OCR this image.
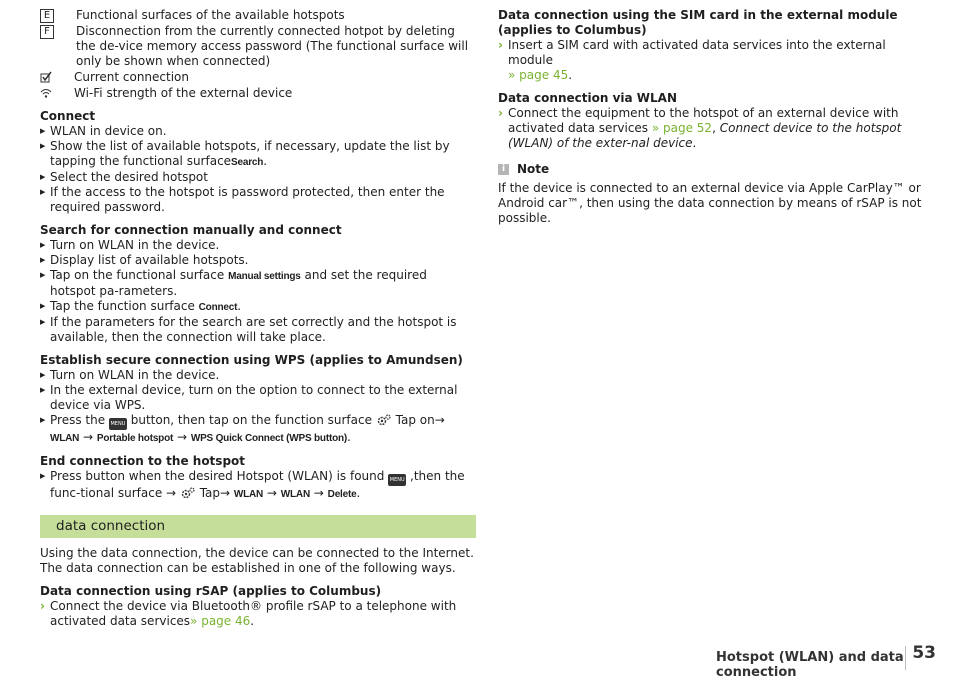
E	Functional surfaces of the available hotspots
F	Disconnection from the currently connected hotpot by deleting the de-vice memory access password (The functional surface will only be shown when connected)
Current connection
Wi-Fi strength of the external device
Connect
▶ WLAN in device on.
▶ Show the list of available hotspots, if necessary, update the list by tapping the functional surfaceSearch.
▶ Select the desired hotspot
▶ If the access to the hotspot is password protected, then enter the required password.
Search for connection manually and connect
▶ Turn on WLAN in the device.
▶ Display list of available hotspots.
▶ Tap on the functional surface Manual settings and set the required hotspot pa-rameters.
▶ Tap the function surface Connect.
▶ If the parameters for the search are set correctly and the hotspot is available, then the connection will take place.
Establish secure connection using WPS (applies to Amundsen)
▶ Turn on WLAN in the device.
▶ In the external device, turn on the option to connect to the external device via WPS.
▶ Press the MENU button, then tap on the function surface  Tap on→ WLAN → Portable hotspot → WPS Quick Connect (WPS button).
End connection to the hotspot
▶ Press button when the desired Hotspot (WLAN) is found MENU ,then the func-tional surface →  Tap→ WLAN → WLAN → Delete.
data connection
Using the data connection, the device can be connected to the Internet. The data connection can be established in one of the following ways.
Data connection using rSAP (applies to Columbus)
› Connect the device via Bluetooth® profile rSAP to a telephone with activated data services» page 46.
Data connection using the SIM card in the external module (applies to Columbus)
› Insert a SIM card with activated data services into the external module
» page 45.
Data connection via WLAN
› Connect the equipment to the hotspot of an external device with activated data services » page 52, Connect device to the hotspot (WLAN) of the exter-nal device.
i Note
If the device is connected to an external device via Apple CarPlay™ or Android car™, then using the data connection by means of rSAP is not possible.
Hotspot (WLAN) and data connection
53
